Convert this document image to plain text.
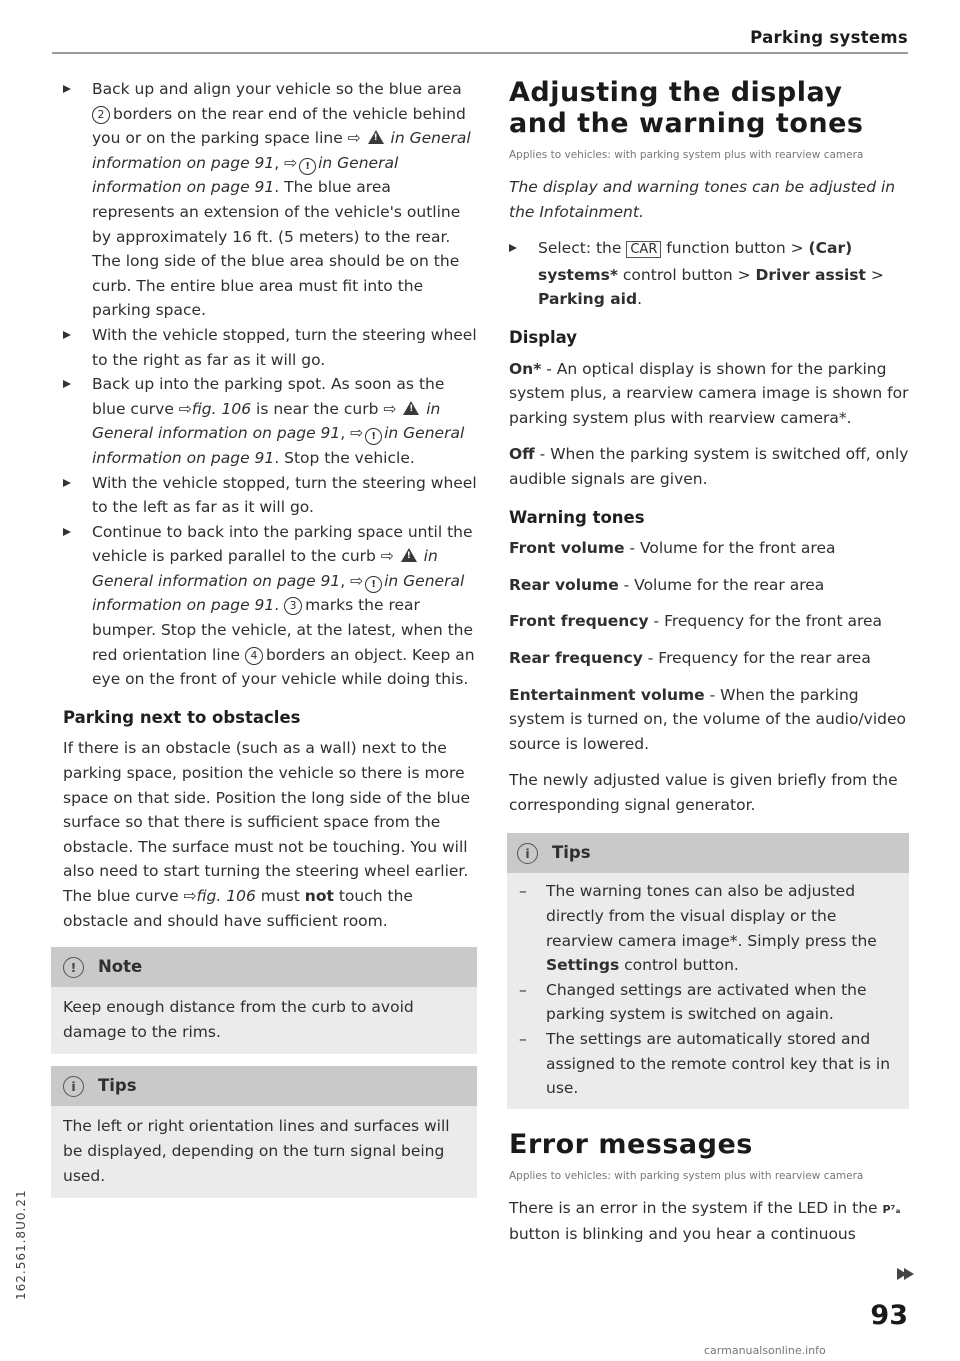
Parking systems
Back up and align your vehicle so the blue area 2 borders on the rear end of the vehicle behind you or on the parking space line ⇨ ! in General information on page 91, ⇨ ! in General information on page 91. The blue area represents an extension of the vehicle's outline by approximately 16 ft. (5 meters) to the rear. The long side of the blue area should be on the curb. The entire blue area must fit into the parking space.
With the vehicle stopped, turn the steering wheel to the right as far as it will go.
Back up into the parking spot. As soon as the blue curve ⇨fig. 106 is near the curb ⇨ ! in General information on page 91, ⇨ ! in General information on page 91. Stop the vehicle.
With the vehicle stopped, turn the steering wheel to the left as far as it will go.
Continue to back into the parking space until the vehicle is parked parallel to the curb ⇨ ! in General information on page 91, ⇨ ! in General information on page 91. 3 marks the rear bumper. Stop the vehicle, at the latest, when the red orientation line 4 borders an object. Keep an eye on the front of your vehicle while doing this.
Parking next to obstacles

If there is an obstacle (such as a wall) next to the parking space, position the vehicle so there is more space on that side. Position the long side of the blue surface so that there is sufficient space from the obstacle. The surface must not be touching. You will also need to start turning the steering wheel earlier. The blue curve ⇨fig. 106 must not touch the obstacle and should have sufficient room.

!	Note
Keep enough distance from the curb to avoid damage to the rims.
i	Tips
The left or right orientation lines and surfaces will be displayed, depending on the turn signal being used.
Adjusting the display and the warning tones
Applies to vehicles: with parking system plus with rearview camera
The display and warning tones can be adjusted in the Infotainment.
Select: the CAR function button > (Car) systems* control button > Driver assist > Parking aid.
Display

On* - An optical display is shown for the parking system plus, a rearview camera image is shown for parking system plus with rearview camera*.

Off - When the parking system is switched off, only audible signals are given.

Warning tones

Front volume - Volume for the front area

Rear volume - Volume for the rear area

Front frequency - Frequency for the front area

Rear frequency - Frequency for the rear area

Entertainment volume - When the parking system is turned on, the volume of the audio/video source is lowered.

The newly adjusted value is given briefly from the corresponding signal generator.

i	Tips
– The warning tones can also be adjusted directly from the visual display or the rearview camera image*. Simply press the Settings control button.
– Changed settings are activated when the parking system is switched on again.
– The settings are automatically stored and assigned to the remote control key that is in use.
Error messages
Applies to vehicles: with parking system plus with rearview camera

There is an error in the system if the LED in the P⁷ₐ button is blinking and you hear a continuous

162.561.8U0.21
93
carmanualsonline.info
